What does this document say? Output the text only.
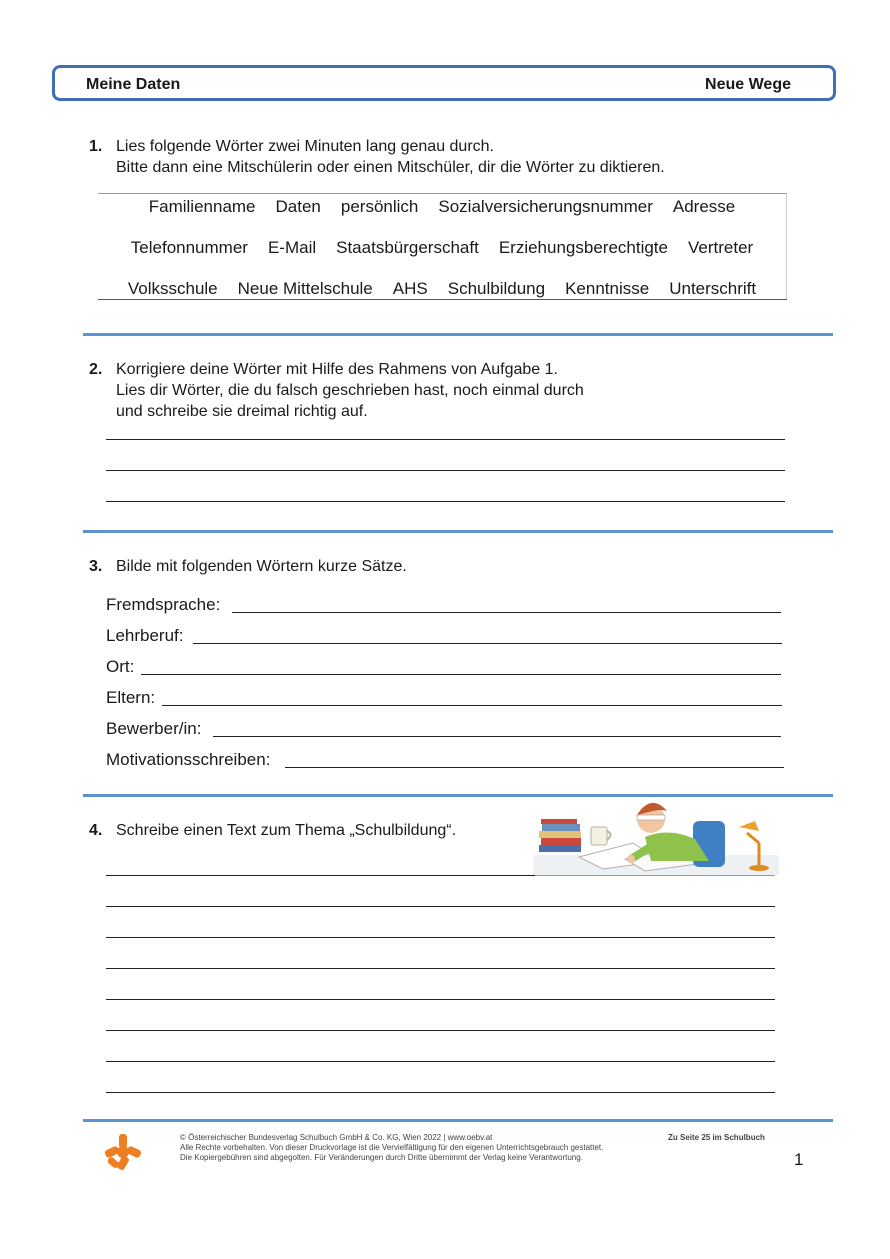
Meine Daten	Neue Wege
1. Lies folgende Wörter zwei Minuten lang genau durch.
Bitte dann eine Mitschülerin oder einen Mitschüler, dir die Wörter zu diktieren.
Familienname Daten persönlich Sozialversicherungsnummer Adresse
Telefonnummer E-Mail Staatsbürgerschaft Erziehungsberechtigte Vertreter
Volksschule Neue Mittelschule AHS Schulbildung Kenntnisse Unterschrift
2. Korrigiere deine Wörter mit Hilfe des Rahmens von Aufgabe 1.
Lies dir Wörter, die du falsch geschrieben hast, noch einmal durch
und schreibe sie dreimal richtig auf.
3. Bilde mit folgenden Wörtern kurze Sätze.
Fremdsprache:
Lehrberuf:
Ort:
Eltern:
Bewerber/in:
Motivationsschreiben:
4. Schreibe einen Text zum Thema „Schulbildung“.
© Österreichischer Bundesverlag Schulbuch GmbH & Co. KG, Wien 2022 | www.oebv.at
Alle Rechte vorbehalten. Von dieser Druckvorlage ist die Vervielfältigung für den eigenen Unterrichtsgebrauch gestattet.
Die Kopiergebühren sind abgegolten. Für Veränderungen durch Dritte übernimmt der Verlag keine Verantwortung.
Zu Seite 25 im Schulbuch
1
